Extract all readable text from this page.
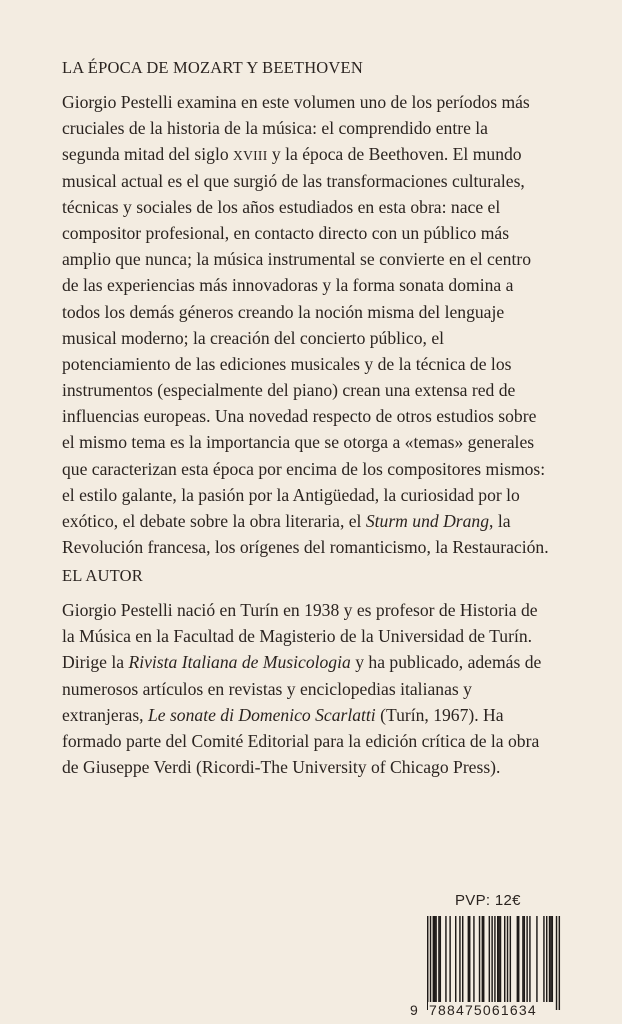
LA ÉPOCA DE MOZART Y BEETHOVEN
Giorgio Pestelli examina en este volumen uno de los períodos más
cruciales de la historia de la música: el comprendido entre la
segunda mitad del siglo XVIII y la época de Beethoven. El mundo
musical actual es el que surgió de las transformaciones culturales,
técnicas y sociales de los años estudiados en esta obra: nace el
compositor profesional, en contacto directo con un público más
amplio que nunca; la música instrumental se convierte en el centro
de las experiencias más innovadoras y la forma sonata domina a
todos los demás géneros creando la noción misma del lenguaje
musical moderno; la creación del concierto público, el
potenciamiento de las ediciones musicales y de la técnica de los
instrumentos (especialmente del piano) crean una extensa red de
influencias europeas. Una novedad respecto de otros estudios sobre
el mismo tema es la importancia que se otorga a «temas» generales
que caracterizan esta época por encima de los compositores mismos:
el estilo galante, la pasión por la Antigüedad, la curiosidad por lo
exótico, el debate sobre la obra literaria, el Sturm und Drang, la
Revolución francesa, los orígenes del romanticismo, la Restauración.
EL AUTOR
Giorgio Pestelli nació en Turín en 1938 y es profesor de Historia de
la Música en la Facultad de Magisterio de la Universidad de Turín.
Dirige la Rivista Italiana de Musicologia y ha publicado, además de
numerosos artículos en revistas y enciclopedias italianas y
extranjeras, Le sonate di Domenico Scarlatti (Turín, 1967). Ha
formado parte del Comité Editorial para la edición crítica de la obra
de Giuseppe Verdi (Ricordi-The University of Chicago Press).
PVP: 12€
9 788475061634
